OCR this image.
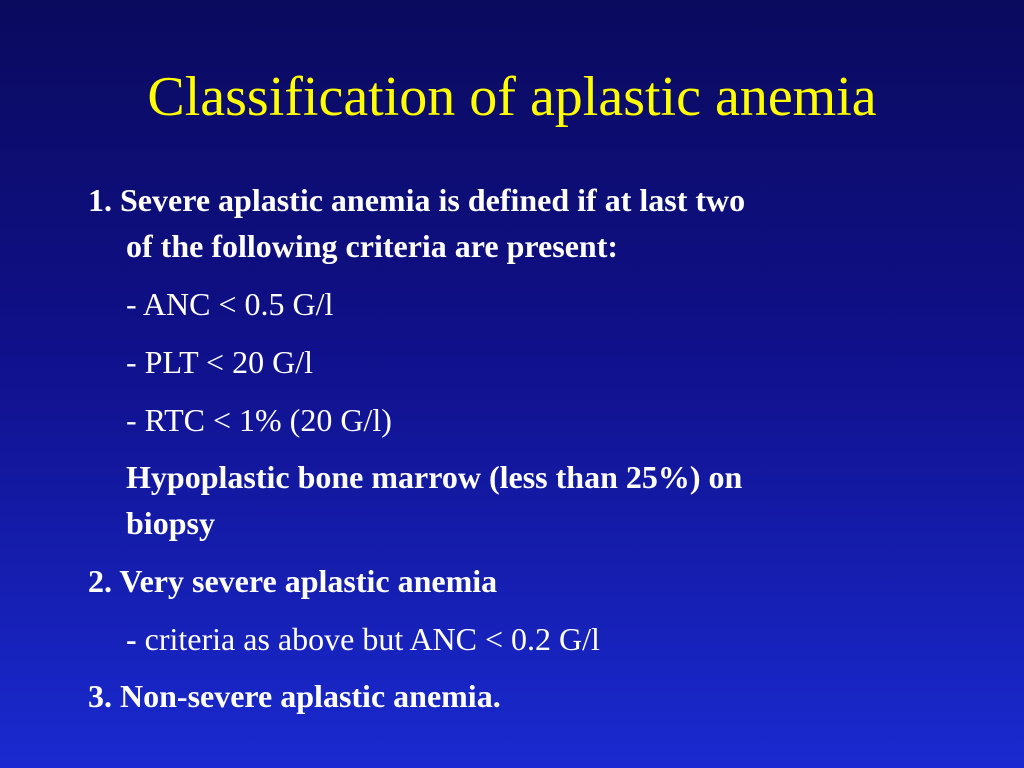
Classification of aplastic anemia
1. Severe aplastic anemia is defined if at last two
of the following criteria are present:
- ANC < 0.5 G/l
- PLT < 20 G/l
- RTC < 1% (20 G/l)
Hypoplastic bone marrow (less than 25%) on
biopsy
2. Very severe aplastic anemia
- criteria as above but ANC < 0.2 G/l
3. Non-severe aplastic anemia.
